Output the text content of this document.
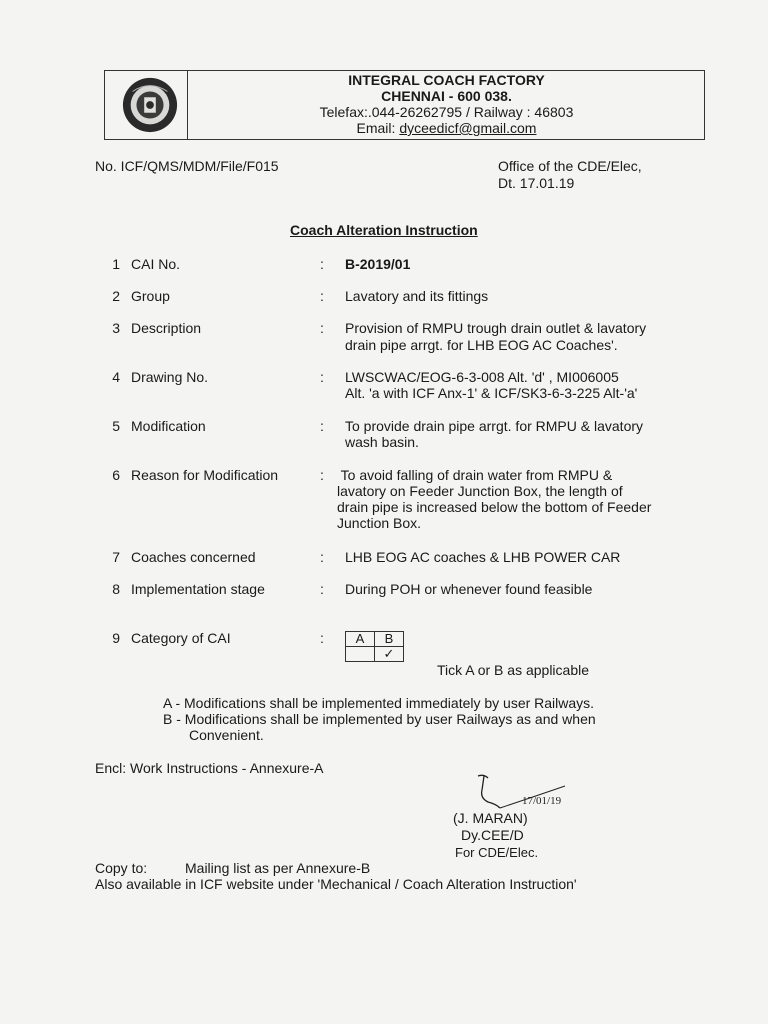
INTEGRAL COACH FACTORY
CHENNAI - 600 038.
Telefax:.044-26262795 / Railway : 46803
Email: dyceedicf@gmail.com
No. ICF/QMS/MDM/File/F015	Office of the CDE/Elec,
Dt. 17.01.19
Coach Alteration Instruction
1 CAI No.	: B-2019/01
2 Group	: Lavatory and its fittings
3 Description	: Provision of RMPU trough drain outlet & lavatory
drain pipe arrgt. for LHB EOG AC Coaches'.
4 Drawing No.	: LWSCWAC/EOG-6-3-008 Alt. 'd' , MI006005
Alt. 'a with ICF Anx-1' & ICF/SK3-6-3-225 Alt-'a'
5 Modification	: To provide drain pipe arrgt. for RMPU & lavatory
wash basin.
6 Reason for Modification	: To avoid falling of drain water from RMPU &
lavatory on Feeder Junction Box, the length of
drain pipe is increased below the bottom of Feeder
Junction Box.
7 Coaches concerned	: LHB EOG AC coaches & LHB POWER CAR
8 Implementation stage	: During POH or whenever found feasible
9 Category of CAI	: A	B
	✓
Tick A or B as applicable
A - Modifications shall be implemented immediately by user Railways.
B - Modifications shall be implemented by user Railways as and when
Convenient.
Encl: Work Instructions - Annexure-A
17/01/19
(J. MARAN)
Dy.CEE/D
For CDE/Elec.
Copy to:	Mailing list as per Annexure-B
Also available in ICF website under 'Mechanical / Coach Alteration Instruction'
